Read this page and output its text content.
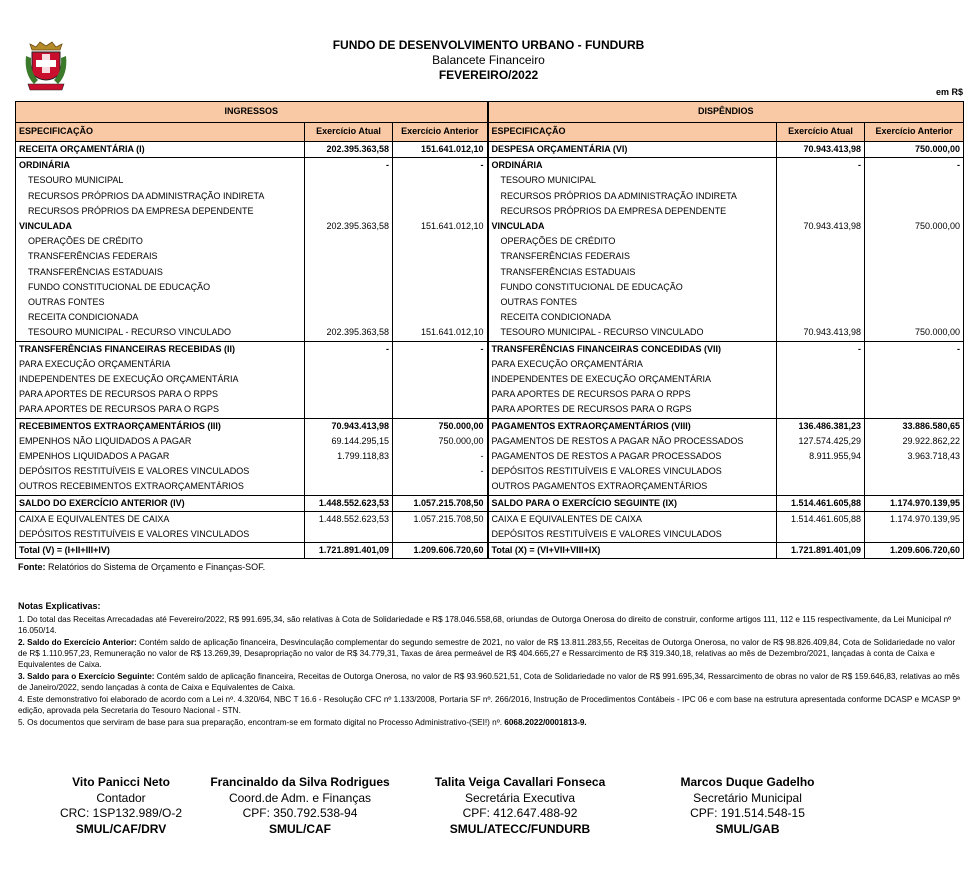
FUNDO DE DESENVOLVIMENTO URBANO - FUNDURB
Balancete Financeiro
FEVEREIRO/2022
em R$
INGRESSOS			DISPÊNDIOS		
ESPECIFICAÇÃO	Exercício Atual	Exercício Anterior	ESPECIFICAÇÃO	Exercício Atual	Exercício Anterior
RECEITA ORÇAMENTÁRIA (I)	202.395.363,58	151.641.012,10	DESPESA ORÇAMENTÁRIA (VI)	70.943.413,98	750.000,00
ORDINÁRIA	-	-	ORDINÁRIA	-	-
TESOURO MUNICIPAL			TESOURO MUNICIPAL		
RECURSOS PRÓPRIOS DA ADMINISTRAÇÃO INDIRETA			RECURSOS PRÓPRIOS DA ADMINISTRAÇÃO INDIRETA		
RECURSOS PRÓPRIOS DA EMPRESA DEPENDENTE			RECURSOS PRÓPRIOS DA EMPRESA DEPENDENTE		
VINCULADA	202.395.363,58	151.641.012,10	VINCULADA	70.943.413,98	750.000,00
OPERAÇÕES DE CRÉDITO			OPERAÇÕES DE CRÉDITO		
TRANSFERÊNCIAS FEDERAIS			TRANSFERÊNCIAS FEDERAIS		
TRANSFERÊNCIAS ESTADUAIS			TRANSFERÊNCIAS ESTADUAIS		
FUNDO CONSTITUCIONAL DE EDUCAÇÃO			FUNDO CONSTITUCIONAL DE EDUCAÇÃO		
OUTRAS FONTES			OUTRAS FONTES		
RECEITA CONDICIONADA			RECEITA CONDICIONADA		
TESOURO MUNICIPAL - RECURSO VINCULADO	202.395.363,58	151.641.012,10	TESOURO MUNICIPAL - RECURSO VINCULADO	70.943.413,98	750.000,00
TRANSFERÊNCIAS FINANCEIRAS RECEBIDAS (II)	-	-	TRANSFERÊNCIAS FINANCEIRAS CONCEDIDAS (VII)	-	-
PARA EXECUÇÃO ORÇAMENTÁRIA			PARA EXECUÇÃO ORÇAMENTÁRIA		
INDEPENDENTES DE EXECUÇÃO ORÇAMENTÁRIA			INDEPENDENTES DE EXECUÇÃO ORÇAMENTÁRIA		
PARA APORTES DE RECURSOS PARA O RPPS			PARA APORTES DE RECURSOS PARA O RPPS		
PARA APORTES DE RECURSOS PARA O RGPS			PARA APORTES DE RECURSOS PARA O RGPS		
RECEBIMENTOS EXTRAORÇAMENTÁRIOS (III)	70.943.413,98	750.000,00	PAGAMENTOS EXTRAORÇAMENTÁRIOS (VIII)	136.486.381,23	33.886.580,65
EMPENHOS NÃO LIQUIDADOS A PAGAR	69.144.295,15	750.000,00	PAGAMENTOS DE RESTOS A PAGAR NÃO PROCESSADOS	127.574.425,29	29.922.862,22
EMPENHOS LIQUIDADOS A PAGAR	1.799.118,83	-	PAGAMENTOS DE RESTOS A PAGAR PROCESSADOS	8.911.955,94	3.963.718,43
DEPÓSITOS RESTITUÍVEIS E VALORES VINCULADOS		-	DEPÓSITOS RESTITUÍVEIS E VALORES VINCULADOS		
OUTROS RECEBIMENTOS EXTRAORÇAMENTÁRIOS			OUTROS PAGAMENTOS EXTRAORÇAMENTÁRIOS		
SALDO DO EXERCÍCIO ANTERIOR (IV)	1.448.552.623,53	1.057.215.708,50	SALDO PARA O EXERCÍCIO SEGUINTE (IX)	1.514.461.605,88	1.174.970.139,95
CAIXA E EQUIVALENTES DE CAIXA	1.448.552.623,53	1.057.215.708,50	CAIXA E EQUIVALENTES DE CAIXA	1.514.461.605,88	1.174.970.139,95
DEPÓSITOS RESTITUÍVEIS E VALORES VINCULADOS			DEPÓSITOS RESTITUÍVEIS E VALORES VINCULADOS		
Total (V) = (I+II+III+IV)	1.721.891.401,09	1.209.606.720,60	Total (X) = (VI+VII+VIII+IX)	1.721.891.401,09	1.209.606.720,60
Fonte: Relatórios do Sistema de Orçamento e Finanças-SOF.
Notas Explicativas:

1. Do total das Receitas Arrecadadas até Fevereiro/2022, R$ 991.695,34, são relativas à Cota de Solidariedade e R$ 178.046.558,68, oriundas de Outorga Onerosa do direito de construir, conforme artigos 111, 112 e 115 respectivamente, da Lei Municipal nº 16.050/14.

2. Saldo do Exercício Anterior: Contém saldo de aplicação financeira, Desvinculação complementar do segundo semestre de 2021, no valor de R$ 13.811.283,55, Receitas de Outorga Onerosa, no valor de R$ 98.826.409,84, Cota de Solidariedade no valor de R$ 1.110.957,23, Remuneração no valor de R$ 13.269,39, Desapropriação no valor de R$ 34.779,31, Taxas de área permeável de R$ 404.665,27 e Ressarcimento de R$ 319.340,18, relativas ao mês de Dezembro/2021, lançadas à conta de Caixa e Equivalentes de Caixa.

3. Saldo para o Exercício Seguinte: Contém saldo de aplicação financeira, Receitas de Outorga Onerosa, no valor de R$ 93.960.521,51, Cota de Solidariedade no valor de R$ 991.695,34, Ressarcimento de obras no valor de R$ 159.646,83, relativas ao mês de Janeiro/2022, sendo lançadas à conta de Caixa e Equivalentes de Caixa.

4. Este demonstrativo foi elaborado de acordo com a Lei nº. 4.320/64, NBC T 16.6 - Resolução CFC nº 1.133/2008, Portaria SF nº. 266/2016, Instrução de Procedimentos Contábeis - IPC 06 e com base na estrutura apresentada conforme DCASP e MCASP 9ª edição, aprovada pela Secretaria do Tesouro Nacional - STN.

5. Os documentos que serviram de base para sua preparação, encontram-se em formato digital no Processo Administrativo-(SEI!) nº. 6068.2022/0001813-9.

Vito Panicci Neto
Contador
CRC: 1SP132.989/O-2
SMUL/CAF/DRV
Francinaldo da Silva Rodrigues
Coord.de Adm. e Finanças
CPF: 350.792.538-94
SMUL/CAF
Talita Veiga Cavallari Fonseca
Secretária Executiva
CPF: 412.647.488-92
SMUL/ATECC/FUNDURB
Marcos Duque Gadelho
Secretário Municipal
CPF: 191.514.548-15
SMUL/GAB
